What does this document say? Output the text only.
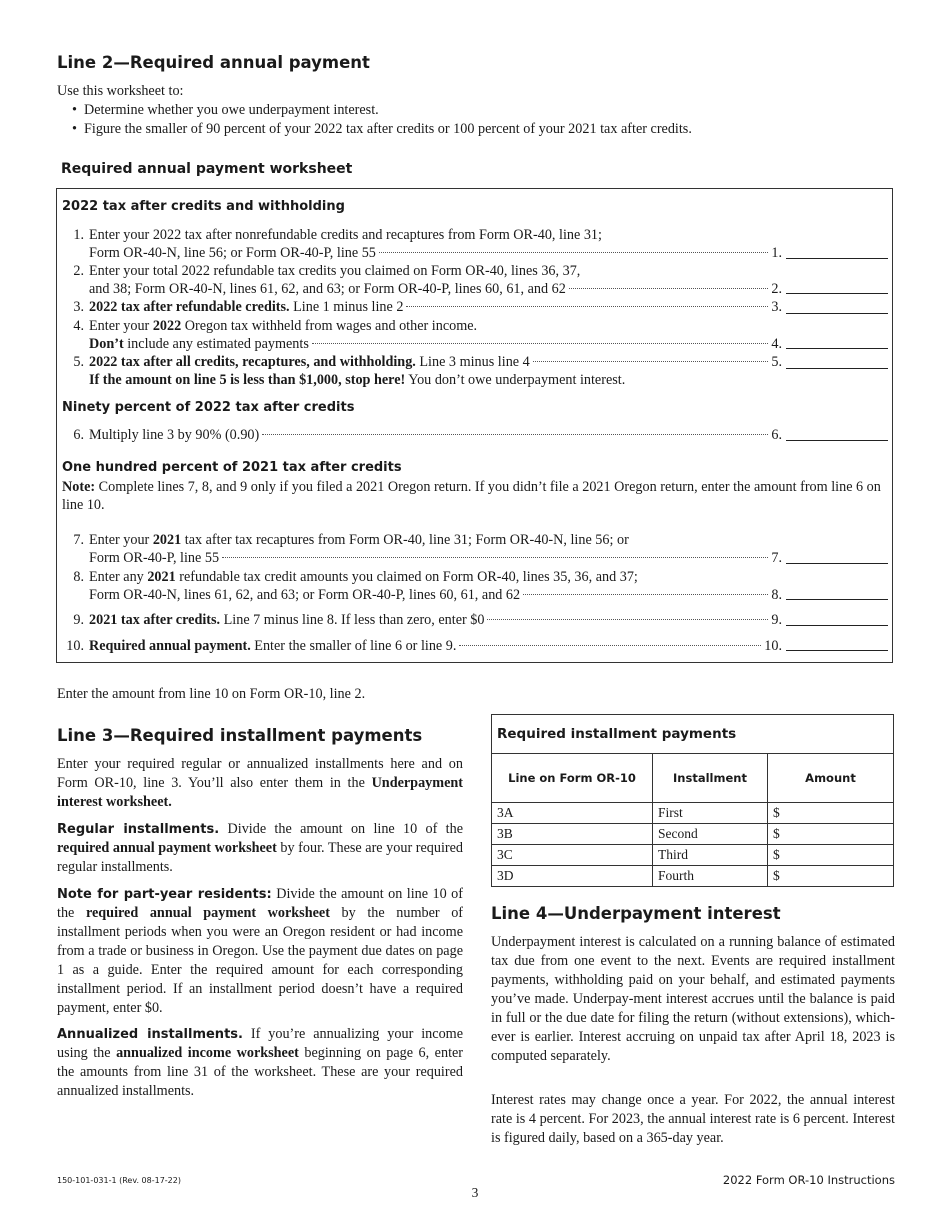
Line 2—Required annual payment
Use this worksheet to:
• Determine whether you owe underpayment interest.
• Figure the smaller of 90 percent of your 2022 tax after credits or 100 percent of your 2021 tax after credits.
Required annual payment worksheet
2022 tax after credits and withholding
1. Enter your 2022 tax after nonrefundable credits and recaptures from Form OR-40, line 31;
Form OR-40-N, line 56; or Form OR-40-P, line 55	1.
2. Enter your total 2022 refundable tax credits you claimed on Form OR-40, lines 36, 37,
and 38; Form OR-40-N, lines 61, 62, and 63; or Form OR-40-P, lines 60, 61, and 62	2.
3. 2022 tax after refundable credits.
Line 1 minus line 2	3.
4. Enter your 2022 Oregon tax withheld from wages and other income.
Don’t
include any estimated payments	4.
5. 2022 tax after all credits, recaptures, and withholding.
Line 3 minus line 4	5.
If the amount on line 5 is less than $1,000, stop here! You don’t owe underpayment interest.
Ninety percent of 2022 tax after credits
6. Multiply line 3 by 90% (0.90)	6.
One hundred percent of 2021 tax after credits
Note: Complete lines 7, 8, and 9 only if you filed a 2021 Oregon return. If you didn’t file a 2021 Oregon return, enter the amount from line 6 on line 10.
7. Enter your 2021 tax after tax recaptures from Form OR-40, line 31; Form OR-40-N, line 56; or
Form OR-40-P, line 55	7.
8. Enter any 2021 refundable tax credit amounts you claimed on Form OR-40, lines 35, 36, and 37;
Form OR-40-N, lines 61, 62, and 63; or Form OR-40-P, lines 60, 61, and 62	8.
9. 2021 tax after credits.
Line 7 minus line 8. If less than zero, enter $0	9.
10. Required annual payment.
Enter the smaller of line 6 or line 9.	10.
Enter the amount from line 10 on Form OR-10, line 2.
Line 3—Required installment payments
Enter your required regular or annualized installments here and on Form OR-10, line 3. You’ll also enter them in the Underpayment interest worksheet.
Regular installments. Divide the amount on line 10 of the required annual payment worksheet by four. These are your required regular installments.
Note for part-year residents: Divide the amount on line 10 of the required annual payment worksheet by the number of installment periods when you were an Oregon resident or had income from a trade or business in Oregon. Use the payment due dates on page 1 as a guide. Enter the required amount for each corresponding installment period. If an installment period doesn’t have a required payment, enter $0.
Annualized installments. If you’re annualizing your income using the annualized income worksheet beginning on page 6, enter the amounts from line 31 of the worksheet. These are your required annualized installments.
Required installment payments		
Line on Form OR-10	Installment	Amount
3A	First	$
3B	Second	$
3C	Third	$
3D	Fourth	$
Line 4—Underpayment interest
Underpayment interest is calculated on a running balance of estimated tax due from one event to the next. Events are required installment payments, withholding paid on your behalf, and estimated payments you’ve made. Underpay-ment interest accrues until the balance is paid in full or the due date for filing the return (without extensions), which-ever is earlier. Interest accruing on unpaid tax after April 18, 2023 is computed separately.
Interest rates may change once a year. For 2022, the annual interest rate is 4 percent. For 2023, the annual interest rate is 6 percent. Interest is figured daily, based on a 365-day year.
150-101-031-1 (Rev. 08-17-22)
3
2022 Form OR-10 Instructions
